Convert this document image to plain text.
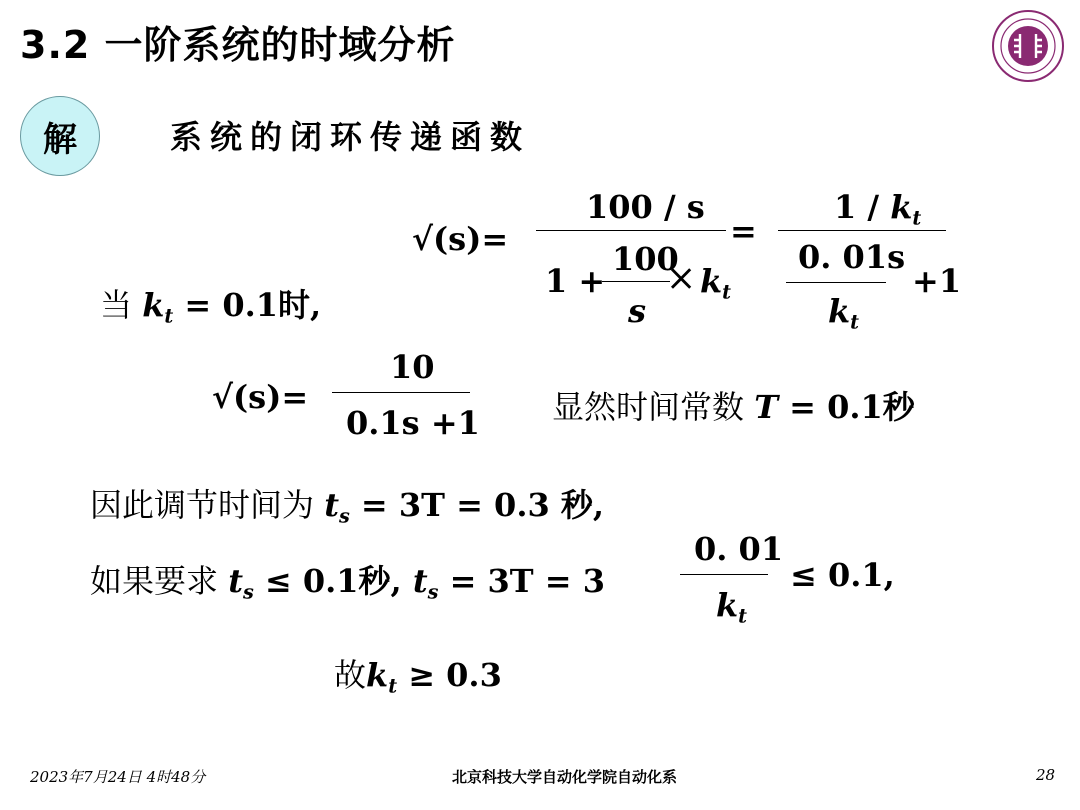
3.2 一阶系统的时域分析
解	系统的闭环传递函数
√(s)=
100 / s
1 +
100
s
× $k_t$
=
$1 / k_t$
0. 01s
$k_t$
+1
当 $k_t = 0.1$时,
√(s)=
10
0.1s +1 显然时间常数 T = 0.1秒
因此调节时间为 $t_s = 3T = 0.3$ 秒,
如果要求 $t_s \le 0.1$秒, $t_s = 3T = 3$
0. 01
$k_t$
≤ 0.1,
故$k_t \ge 0.3$
2023年7月24日 4时48分	北京科技大学自动化学院自动化系	28
